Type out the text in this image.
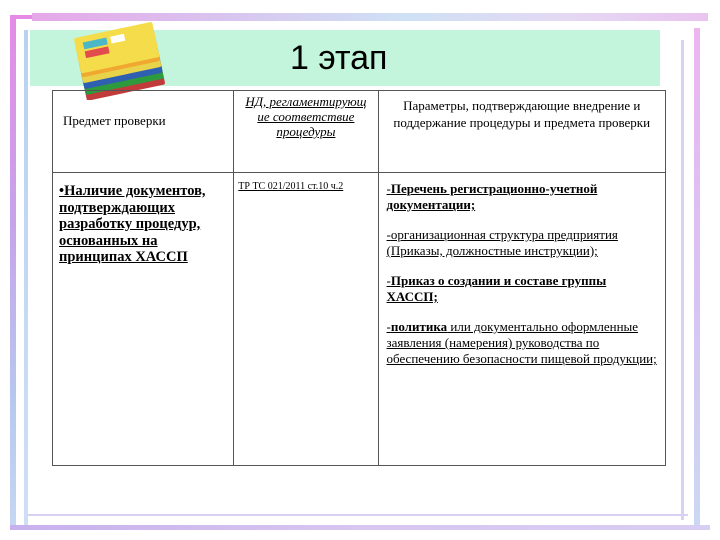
1 этап
Предмет проверки	НД, регламентирующ ие соответствие процедуры	Параметры, подтверждающие внедрение и поддержание процедуры и предмета проверки
•Наличие документов, подтверждающих разработку процедур, основанных на принципах ХАССП	ТР ТС 021/2011 ст.10 ч.2	-Перечень регистрационно-учетной документации;

-организационная структура предприятия (Приказы, должностные инструкции);

-Приказ о создании и составе группы ХАССП;

-политика или документально оформленные заявления (намерения) руководства по обеспечению безопасности пищевой продукции;
